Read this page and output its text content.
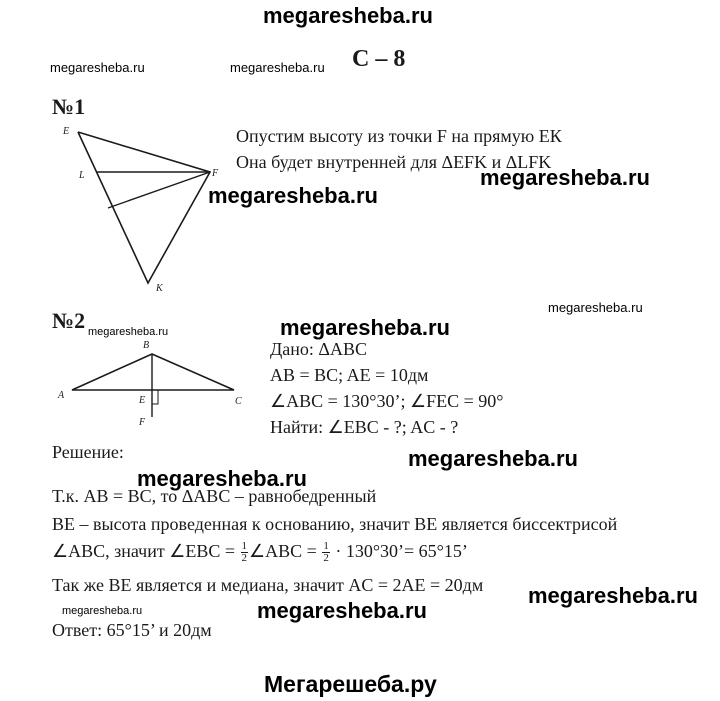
megaresheba.ru
megaresheba.ru	megaresheba.ru С – 8
№1
E
L	F
K
Опустим высоту из точки F на прямую ЕК
Она будет внутренней для ΔEFK и ΔLFK
megaresheba.ru
megaresheba.ru
megaresheba.ru
№2 megaresheba.ru	megaresheba.ru
B
A
C
E
F
Дано: ΔABC
AB = BC; AE = 10дм
∠ABC = 130°30’; ∠FEC = 90°
Найти: ∠EBC - ?; AC - ?
Решение:	megaresheba.ru
megaresheba.ru
Т.к. AB = BC, то ΔABC – равнобедренный
BE – высота проведенная к основанию, значит BE является биссектрисой
∠ABC, значит ∠EBC = $\frac{1}{2}$ ∠ABC = $\frac{1}{2}$ · 130°30’= 65°15’
Так же BE является и медиана, значит AC = 2AE = 20дм megaresheba.ru
megaresheba.ru	megaresheba.ru
Ответ: 65°15’ и 20дм
Мегарешеба.ру
